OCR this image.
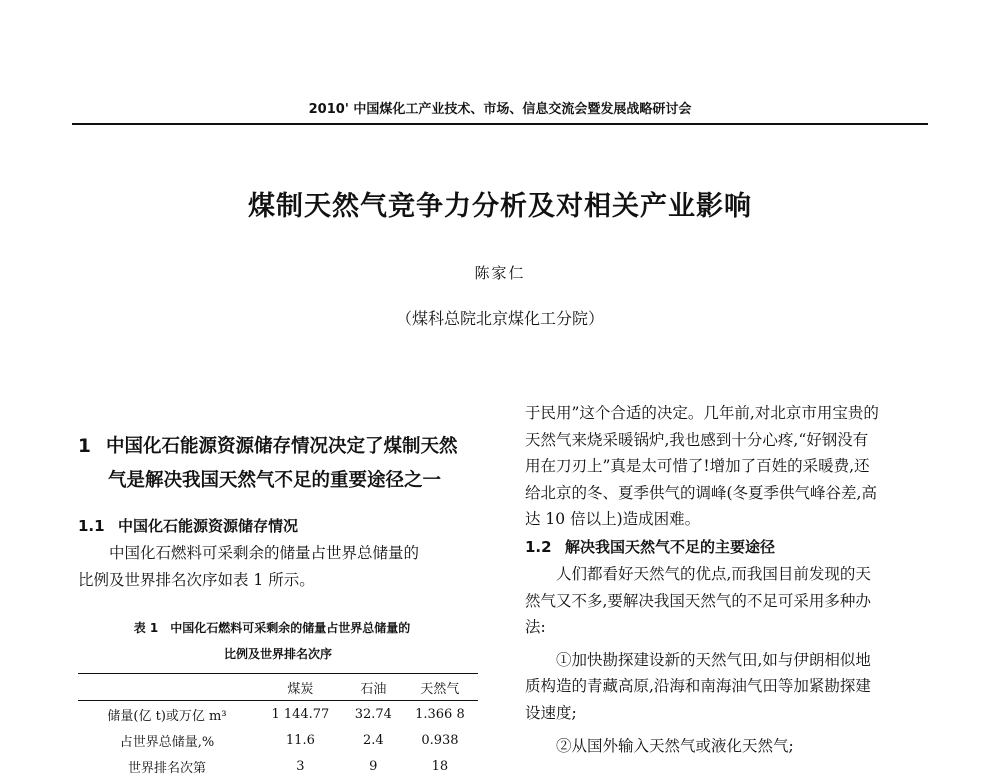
2010' 中国煤化工产业技术、市场、信息交流会暨发展战略研讨会
煤制天然气竞争力分析及对相关产业影响
陈家仁
（煤科总院北京煤化工分院）
1 中国化石能源资源储存情况决定了煤制天然
气是解决我国天然气不足的重要途径之一
1.1 中国化石能源资源储存情况

中国化石燃料可采剩余的储量占世界总储量的

比例及世界排名次序如表 1 所示。

表 1　中国化石燃料可采剩余的储量占世界总储量的
比例及世界排名次序
	煤炭	石油	天然气
储量(亿 t)或万亿 m³	1 144.77	32.74	1.366 8
占世界总储量,%	11.6	2.4	0.938
世界排名次第	3	9	18

于民用”这个合适的决定。几年前,对北京市用宝贵的

天然气来烧采暖锅炉,我也感到十分心疼,“好钢没有

用在刀刃上”真是太可惜了!增加了百姓的采暖费,还

给北京的冬、夏季供气的调峰(冬夏季供气峰谷差,高

达 10 倍以上)造成困难。

1.2 解决我国天然气不足的主要途径

人们都看好天然气的优点,而我国目前发现的天

然气又不多,要解决我国天然气的不足可采用多种办

法:

①加快勘探建设新的天然气田,如与伊朗相似地

质构造的青藏高原,沿海和南海油气田等加紧勘探建

设速度;

②从国外输入天然气或液化天然气;
